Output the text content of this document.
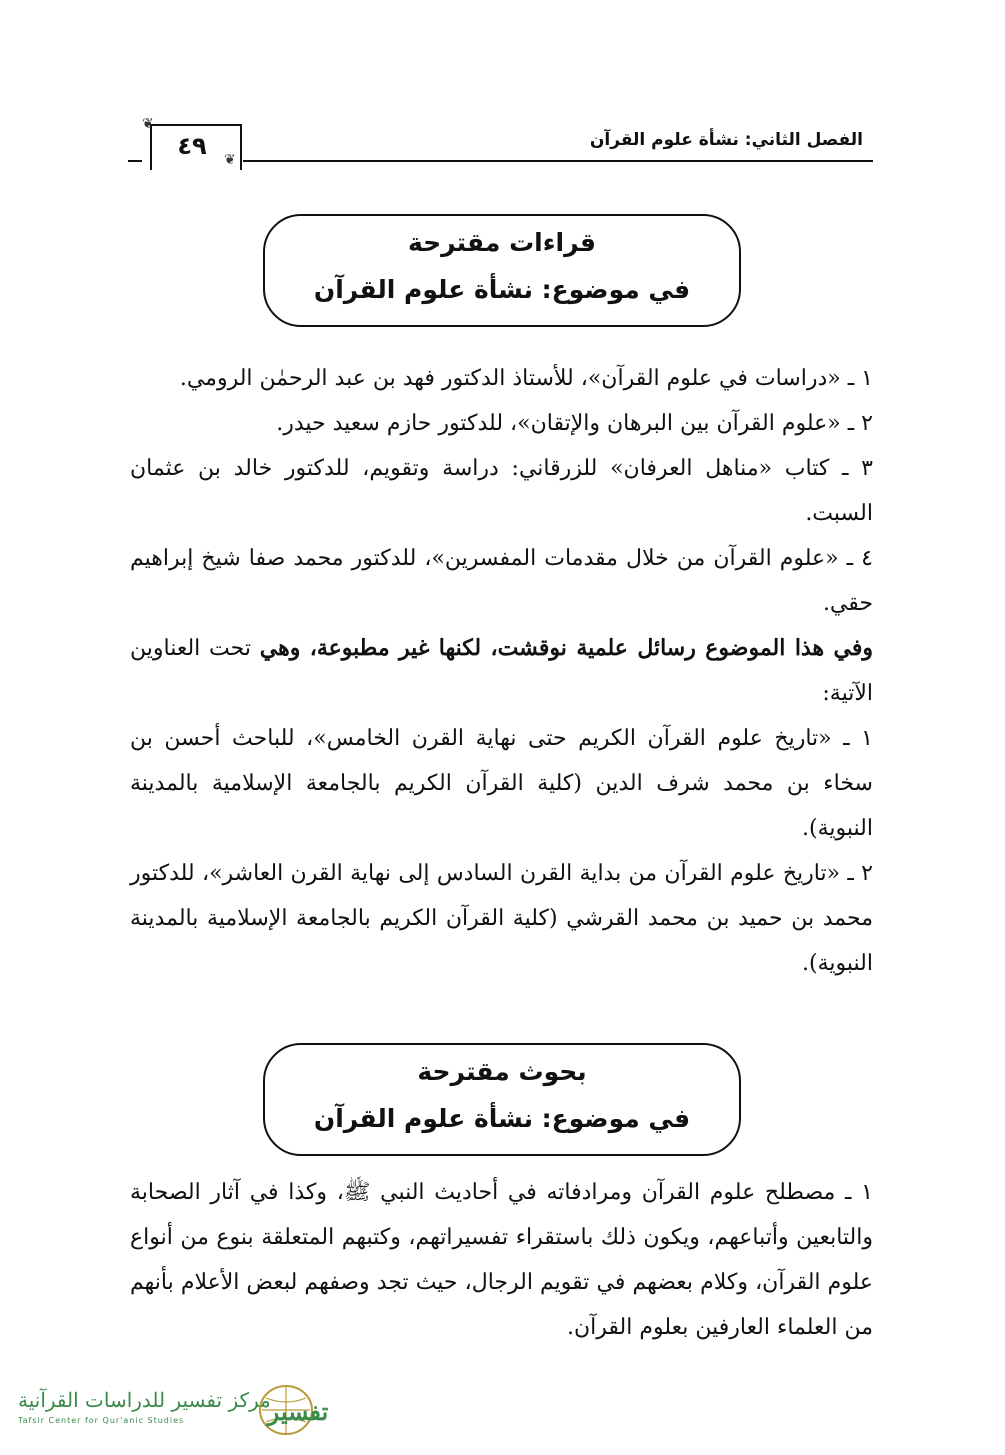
الفصل الثاني: نشأة علوم القرآن
❦
❦
٤٩
قراءات مقترحة
في موضوع: نشأة علوم القرآن

١ ـ «دراسات في علوم القرآن»، للأستاذ الدكتور فهد بن عبد الرحمٰن الرومي.

٢ ـ «علوم القرآن بين البرهان والإتقان»، للدكتور حازم سعيد حيدر.

٣ ـ كتاب «مناهل العرفان» للزرقاني: دراسة وتقويم، للدكتور خالد بن عثمان السبت.

٤ ـ «علوم القرآن من خلال مقدمات المفسرين»، للدكتور محمد صفا شيخ إبراهيم حقي.

وفي هذا الموضوع رسائل علمية نوقشت، لكنها غير مطبوعة، وهي تحت العناوين الآتية:

١ ـ «تاريخ علوم القرآن الكريم حتى نهاية القرن الخامس»، للباحث أحسن بن سخاء بن محمد شرف الدين (كلية القرآن الكريم بالجامعة الإسلامية بالمدينة النبوية).

٢ ـ «تاريخ علوم القرآن من بداية القرن السادس إلى نهاية القرن العاشر»، للدكتور محمد بن حميد بن محمد القرشي (كلية القرآن الكريم بالجامعة الإسلامية بالمدينة النبوية).

بحوث مقترحة
في موضوع: نشأة علوم القرآن

١ ـ مصطلح علوم القرآن ومرادفاته في أحاديث النبي ﷺ، وكذا في آثار الصحابة والتابعين وأتباعهم، ويكون ذلك باستقراء تفسيراتهم، وكتبهم المتعلقة بنوع من أنواع علوم القرآن، وكلام بعضهم في تقويم الرجال، حيث تجد وصفهم لبعض الأعلام بأنهم من العلماء العارفين بعلوم القرآن.

مركز تفسير للدراسات القرآنية
Tafsir Center for Qur'anic Studies	تفسير
